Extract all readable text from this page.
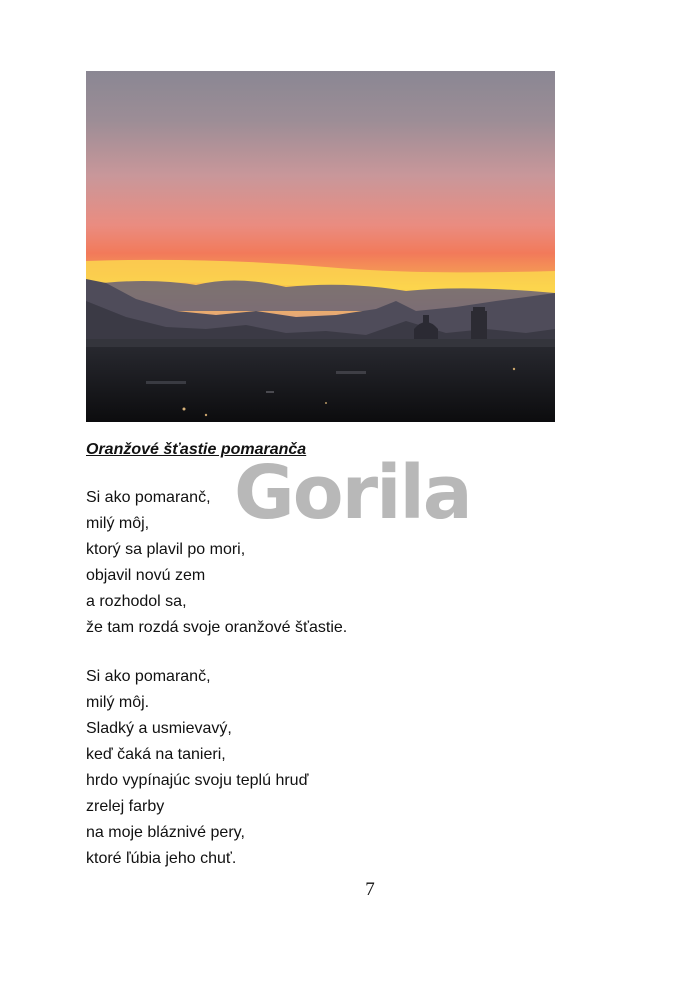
Oranžové šťastie pomaranča
Si ako pomaranč,
milý môj,
ktorý sa plavil po mori,
objavil novú zem
a rozhodol sa,
že tam rozdá svoje oranžové šťastie.
Si ako pomaranč,
milý môj.
Sladký a usmievavý,
keď čaká na tanieri,
hrdo vypínajúc svoju teplú hruď
zrelej farby
na moje bláznivé pery,
ktoré ľúbia jeho chuť.
7
Gorila
